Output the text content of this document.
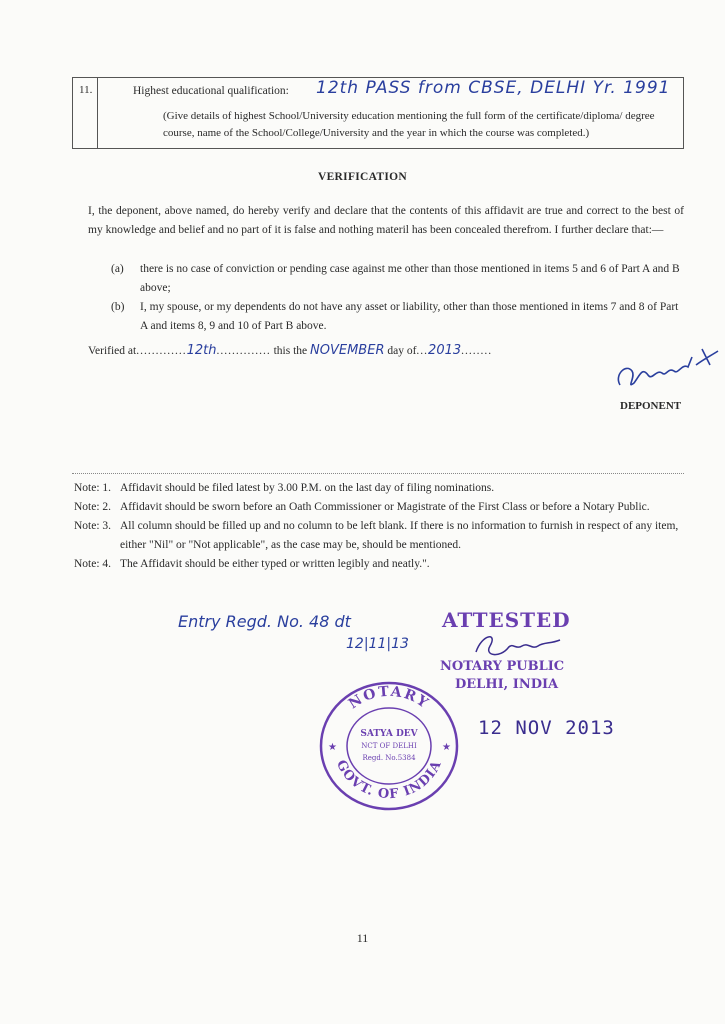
11.	Highest educational qualification: 12th PASS from CBSE, DELHI Yr. 1991
(Give details of highest School/University education mentioning the full form of the certificate/diploma/ degree course, name of the School/College/University and the year in which the course was completed.)
VERIFICATION
I, the deponent, above named, do hereby verify and declare that the contents of this affidavit are true and correct to the best of my knowledge and belief and no part of it is false and nothing materil has been concealed therefrom. I further declare that:—
(a) there is no case of conviction or pending case against me other than those mentioned in items 5 and 6 of Part A and B above;
(b) I, my spouse, or my dependents do not have any asset or liability, other than those mentioned in items 7 and 8 of Part A and items 8, 9 and 10 of Part B above.
Verified at.............12th.............. this the NOVEMBER day of...2013........
DEPONENT
Note: 1. Affidavit should be filed latest by 3.00 P.M. on the last day of filing nominations.
Note: 2. Affidavit should be sworn before an Oath Commissioner or Magistrate of the First Class or before a Notary Public.
Note: 3. All column should be filled up and no column to be left blank. If there is no information to furnish in respect of any item, either "Nil" or "Not applicable", as the case may be, should be mentioned.
Note: 4. The Affidavit should be either typed or written legibly and neatly.".
Entry Regd. No. 48 dt
12|11|13
ATTESTED
NOTARY PUBLIC
DELHI, INDIA
12 NOV 2013
NOTARY
GOVT. OF INDIA
SATYA DEV
NCT OF DELHI
Regd. No.5384
★	★
11
